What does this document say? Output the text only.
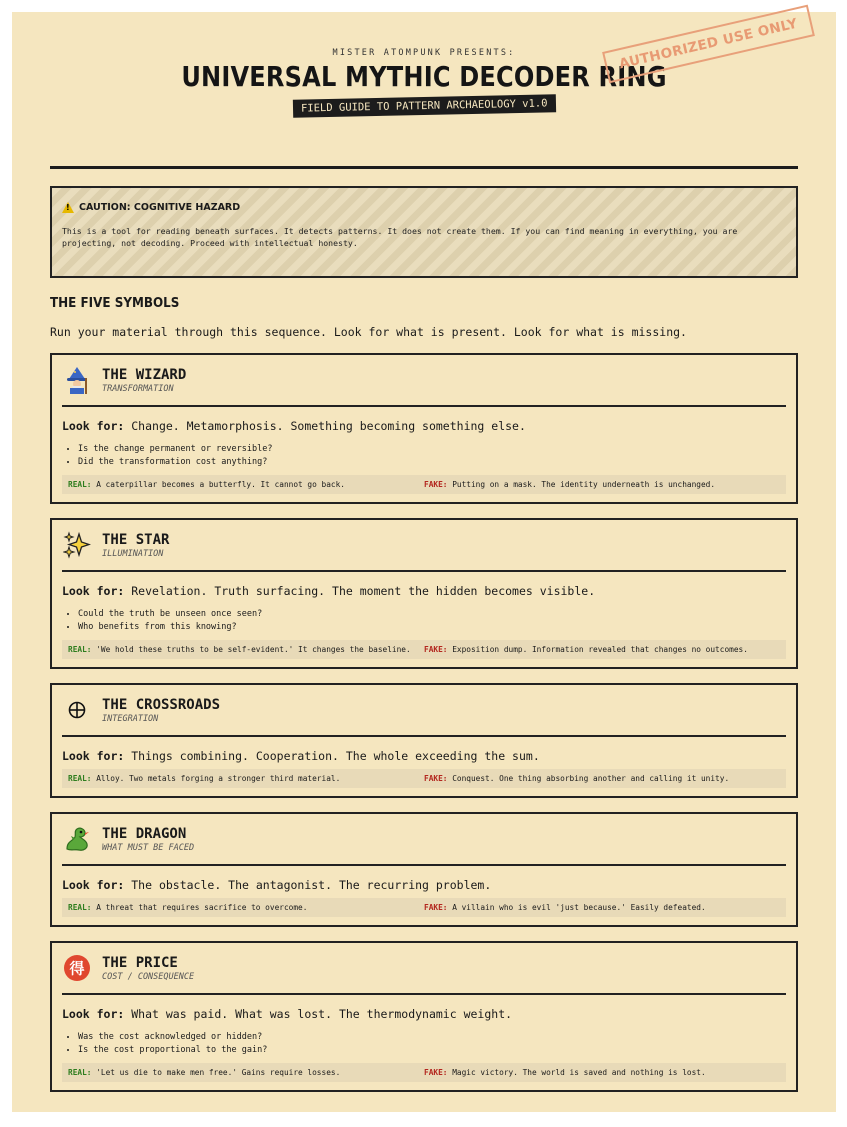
MISTER ATOMPUNK PRESENTS:
UNIVERSAL MYTHIC DECODER RING
FIELD GUIDE TO PATTERN ARCHAEOLOGY v1.0
AUTHORIZED USE ONLY
!
CAUTION: COGNITIVE HAZARD
This is a tool for reading beneath surfaces. It detects patterns. It does not create them. If you can find meaning in everything, you are projecting, not decoding. Proceed with intellectual honesty.
THE FIVE SYMBOLS
Run your material through this sequence. Look for what is present. Look for what is missing.
THE WIZARD
TRANSFORMATION
Look for: Change. Metamorphosis. Something becoming something else.
• Is the change permanent or reversible?
• Did the transformation cost anything?
REAL: A caterpillar becomes a butterfly. It cannot go back.	FAKE: Putting on a mask. The identity underneath is unchanged.
THE STAR
ILLUMINATION
Look for: Revelation. Truth surfacing. The moment the hidden becomes visible.
• Could the truth be unseen once seen?
• Who benefits from this knowing?
REAL: 'We hold these truths to be self-evident.' It changes the baseline.	FAKE: Exposition dump. Information revealed that changes no outcomes.
THE CROSSROADS
INTEGRATION
Look for: Things combining. Cooperation. The whole exceeding the sum.
REAL: Alloy. Two metals forging a stronger third material.	FAKE: Conquest. One thing absorbing another and calling it unity.
THE DRAGON
WHAT MUST BE FACED
Look for: The obstacle. The antagonist. The recurring problem.
REAL: A threat that requires sacrifice to overcome.	FAKE: A villain who is evil 'just because.' Easily defeated.
得 THE PRICE
COST / CONSEQUENCE
Look for: What was paid. What was lost. The thermodynamic weight.
• Was the cost acknowledged or hidden?
• Is the cost proportional to the gain?
REAL: 'Let us die to make men free.' Gains require losses.	FAKE: Magic victory. The world is saved and nothing is lost.
